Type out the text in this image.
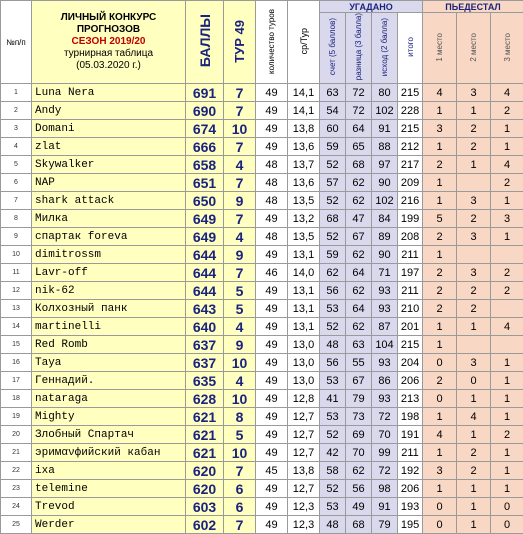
№п/п	ЛИЧНЫЙ КОНКУРС
ПРОГНОЗОВ
СЕЗОН 2019/20
турнирная таблица
(05.03.2020 г.)	БАЛЛЫ	ТУР 49	количество туров	ср/Тур	УГАДАНО				ПЬЕДЕСТАЛ		
						счет (5 баллов)	разница (3 балла)	исход (2 балла)	итого	1 место	2 место	3 место
1	Luna Nera	691	7	49	14,1	63	72	80	215	4	3	4
2	Andy	690	7	49	14,1	54	72	102	228	1	1	2
3	Domani	674	10	49	13,8	60	64	91	215	3	2	1
4	zlat	666	7	49	13,6	59	65	88	212	1	2	1
5	Skywalker	658	4	48	13,7	52	68	97	217	2	1	4
6	NAP	651	7	48	13,6	57	62	90	209	1		2
7	shark attack	650	9	48	13,5	52	62	102	216	1	3	1
8	Милка	649	7	49	13,2	68	47	84	199	5	2	3
9	спартак foreva	649	4	48	13,5	52	67	89	208	2	3	1
10	dimitrossm	644	9	49	13,1	59	62	90	211	1		
11	Lavr-off	644	7	46	14,0	62	64	71	197	2	3	2
12	nik-62	644	5	49	13,1	56	62	93	211	2	2	2
13	Колхозный панк	643	5	49	13,1	53	64	93	210	2	2	
14	martinelli	640	4	49	13,1	52	62	87	201	1	1	4
15	Red Romb	637	9	49	13,0	48	63	104	215	1		
16	Taya	637	10	49	13,0	56	55	93	204	0	3	1
17	Геннадий.	635	4	49	13,0	53	67	86	206	2	0	1
18	nataraga	628	10	49	12,8	41	79	93	213	0	1	1
19	Mighty	621	8	49	12,7	53	73	72	198	1	4	1
20	Злобный Спартач	621	5	49	12,7	52	69	70	191	4	1	2
21	эримανфийский кабан	621	10	49	12,7	42	70	99	211	1	2	1
22	ixa	620	7	45	13,8	58	62	72	192	3	2	1
23	telemine	620	6	49	12,7	52	56	98	206	1	1	1
24	Trevod	603	6	49	12,3	53	49	91	193	0	1	0
25	Werder	602	7	49	12,3	48	68	79	195	0	1	0
